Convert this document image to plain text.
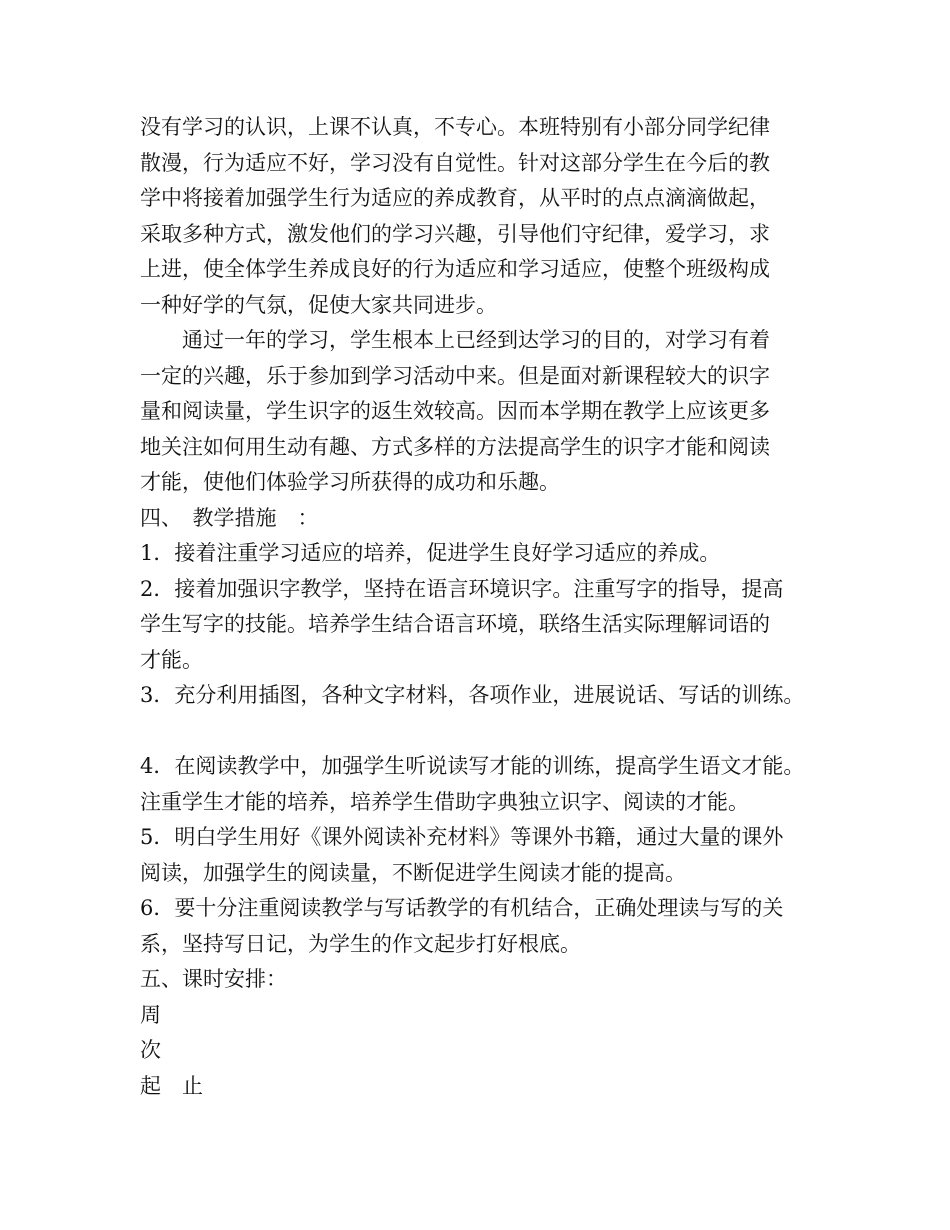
没有学习的认识，上课不认真，不专心。本班特别有小部分同学纪律
散漫，行为适应不好，学习没有自觉性。针对这部分学生在今后的教
学中将接着加强学生行为适应的养成教育，从平时的点点滴滴做起，
采取多种方式，激发他们的学习兴趣，引导他们守纪律，爱学习，求
上进，使全体学生养成良好的行为适应和学习适应，使整个班级构成
一种好学的气氛，促使大家共同进步。
通过一年的学习，学生根本上已经到达学习的目的，对学习有着
一定的兴趣，乐于参加到学习活动中来。但是面对新课程较大的识字
量和阅读量，学生识字的返生效较高。因而本学期在教学上应该更多
地关注如何用生动有趣、方式多样的方法提高学生的识字才能和阅读
才能，使他们体验学习所获得的成功和乐趣。
四、　教学措施　：
1．接着注重学习适应的培养，促进学生良好学习适应的养成。
2．接着加强识字教学，坚持在语言环境识字。注重写字的指导，提高
学生写字的技能。培养学生结合语言环境，联络生活实际理解词语的
才能。
3．充分利用插图，各种文字材料，各项作业，进展说话、写话的训练。
4．在阅读教学中，加强学生听说读写才能的训练，提高学生语文才能。
注重学生才能的培养，培养学生借助字典独立识字、阅读的才能。
5．明白学生用好《课外阅读补充材料》等课外书籍，通过大量的课外
阅读，加强学生的阅读量，不断促进学生阅读才能的提高。
6．要十分注重阅读教学与写话教学的有机结合，正确处理读与写的关
系，坚持写日记，为学生的作文起步打好根底。
五、课时安排：
周
次
起　止
